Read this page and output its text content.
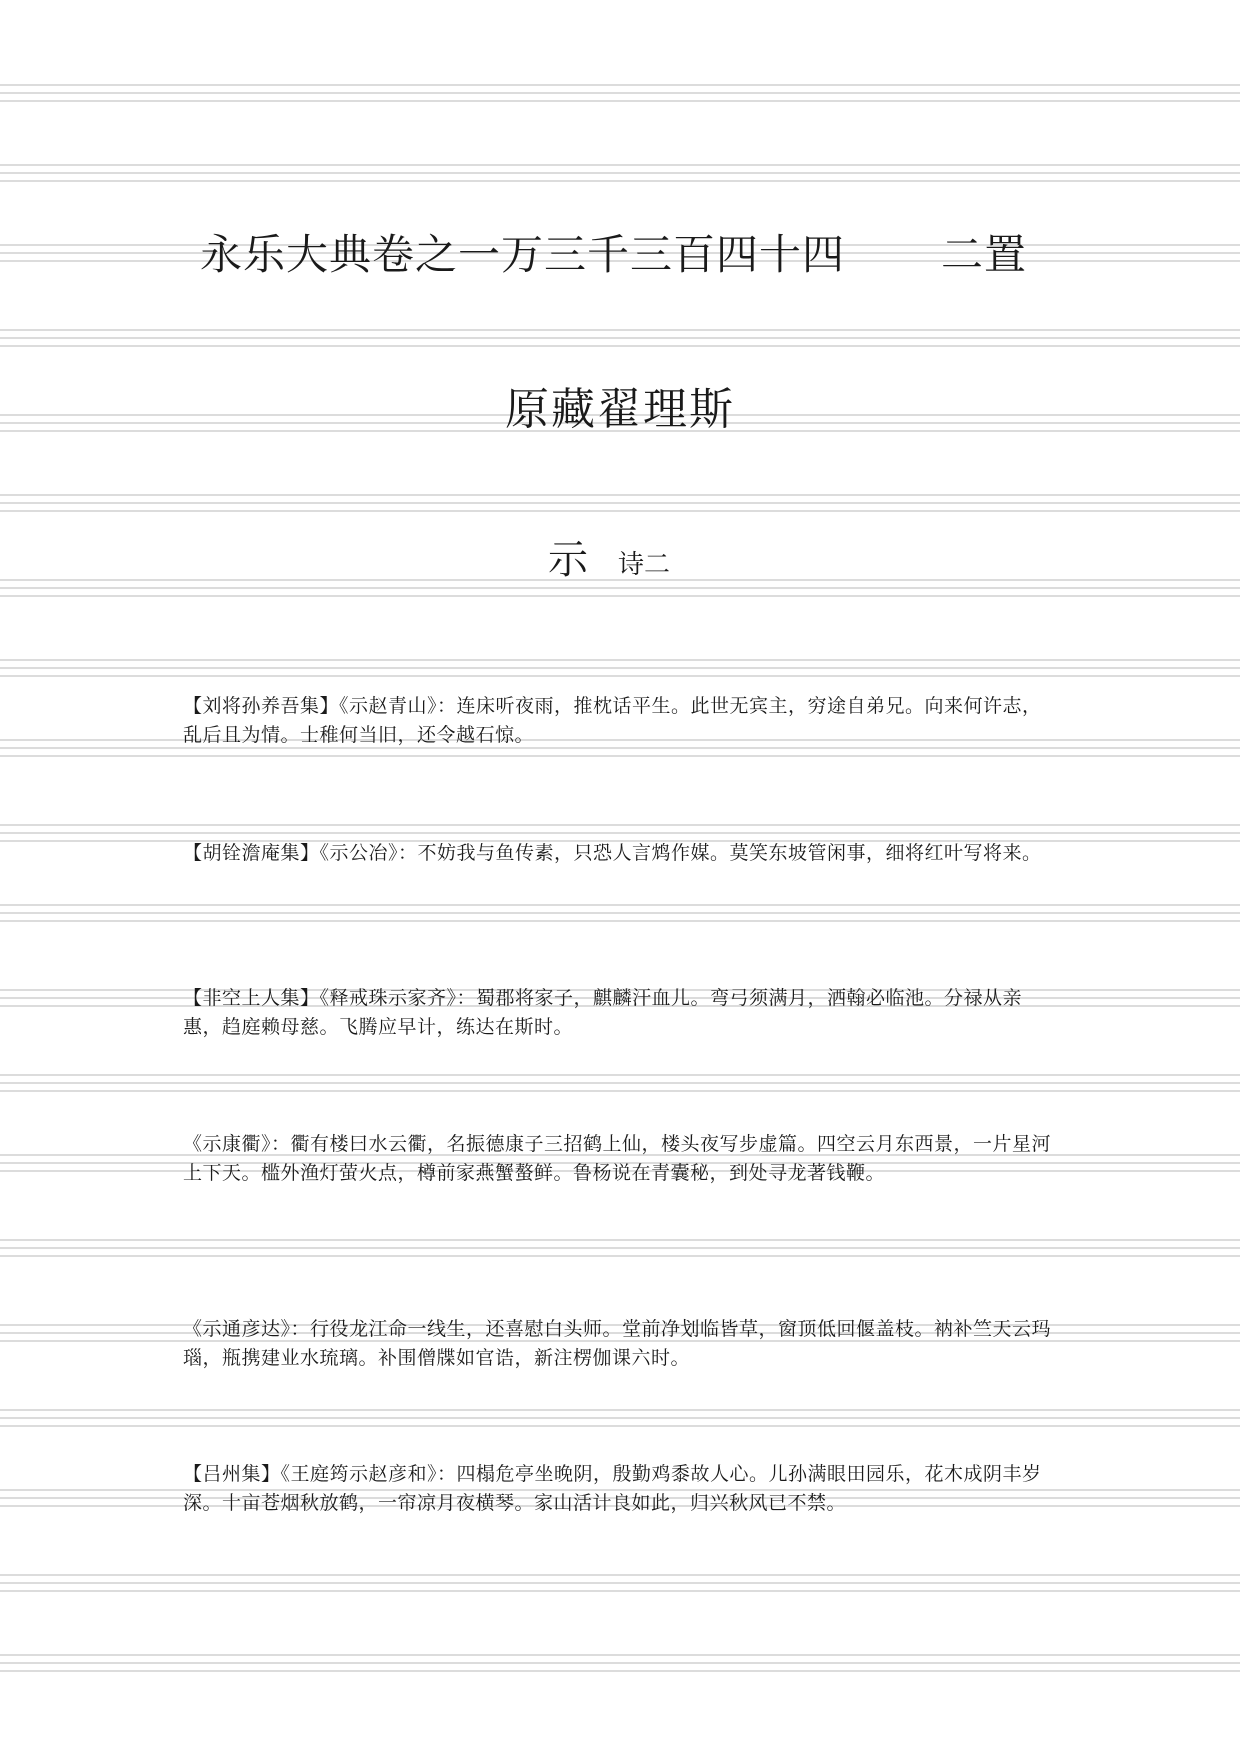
永乐大典卷之一万三千三百四十四 二置
原藏翟理斯
示 诗二
【刘将孙养吾集】《示赵青山》：连床听夜雨，推枕话平生。此世无宾主，穷途自弟兄。向来何许志，乱后且为情。士稚何当旧，还令越石惊。
【胡铨澹庵集】《示公冶》：不妨我与鱼传素，只恐人言鸩作媒。莫笑东坡管闲事，细将红叶写将来。
【非空上人集】《释戒珠示家齐》：蜀郡将家子，麒麟汗血儿。弯弓须满月，洒翰必临池。分禄从亲惠，趋庭赖母慈。飞腾应早计，练达在斯时。
《示康衢》：衢有楼曰水云衢，名振德康子三招鹤上仙，楼头夜写步虚篇。四空云月东西景，一片星河上下天。槛外渔灯萤火点，樽前家燕蟹螯鲜。鲁杨说在青囊秘，到处寻龙著钱鞭。
《示通彦达》：行役龙江命一线生，还喜慰白头师。堂前净划临皆草，窗顶低回偃盖枝。衲补竺天云玛瑙，瓶携建业水琉璃。补围僧牒如官诰，新注楞伽课六时。
【吕州集】《王庭筠示赵彦和》：四榻危亭坐晚阴，殷勤鸡黍故人心。儿孙满眼田园乐，花木成阴丰岁深。十亩苍烟秋放鹤，一帘凉月夜横琴。家山活计良如此，归兴秋风已不禁。
